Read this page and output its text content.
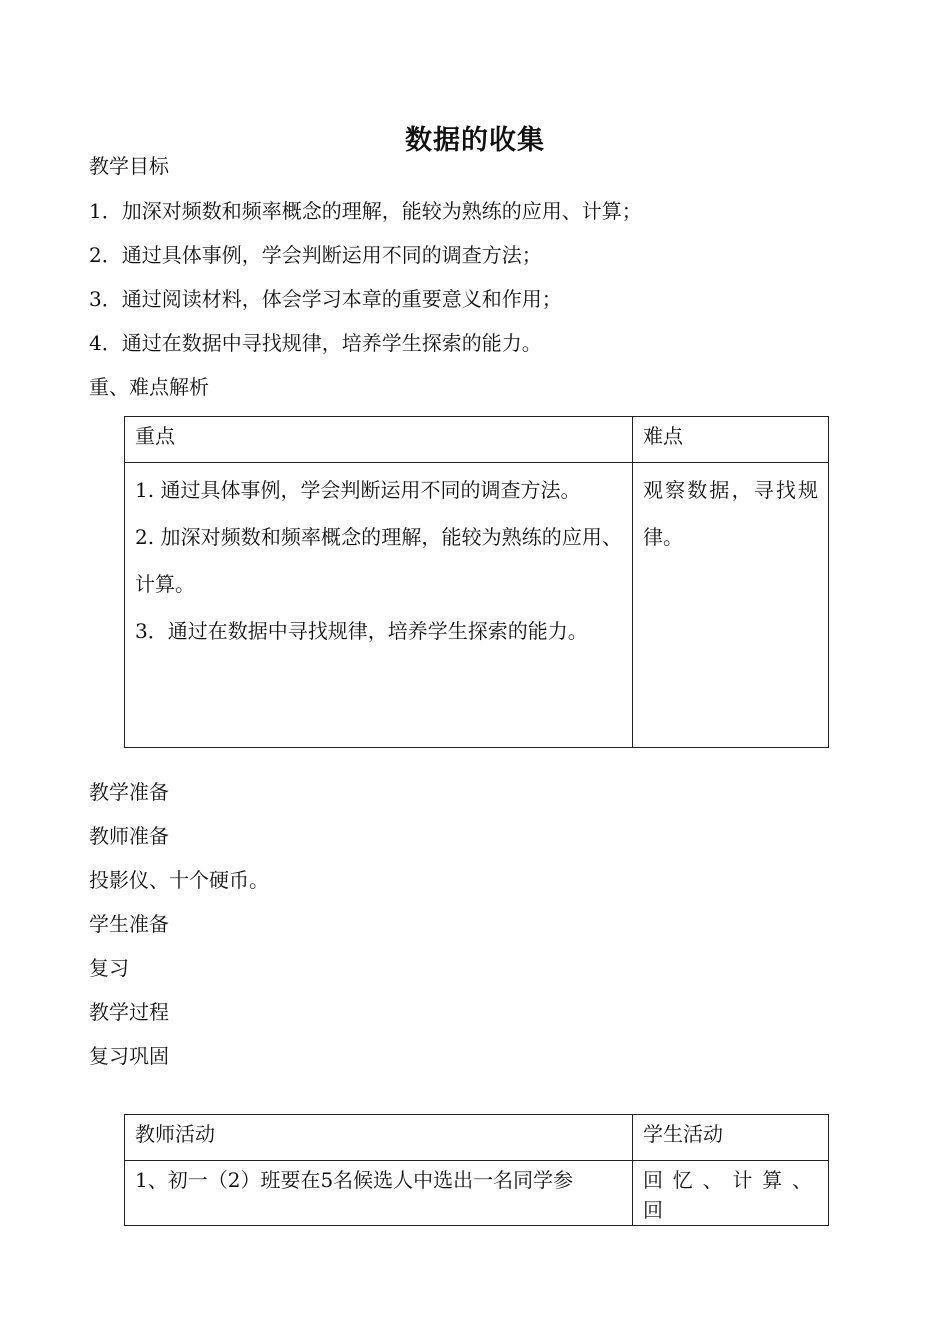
数据的收集
教学目标
1．加深对频数和频率概念的理解，能较为熟练的应用、计算；
2．通过具体事例，学会判断运用不同的调查方法；
3．通过阅读材料，体会学习本章的重要意义和作用；
4．通过在数据中寻找规律，培养学生探索的能力。
重、难点解析
重点	难点

1. 通过具体事例，学会判断运用不同的调查方法。
2. 加深对频数和频率概念的理解，能较为熟练的应用、计算。
3．通过在数据中寻找规律，培养学生探索的能力。	观察数据，寻找规律。
教学准备
教师准备
投影仪、十个硬币。
学生准备
复习
教学过程
复习巩固
教师活动	学生活动

1、初一（2）班要在5名候选人中选出一名同学参	回忆、计算、回
